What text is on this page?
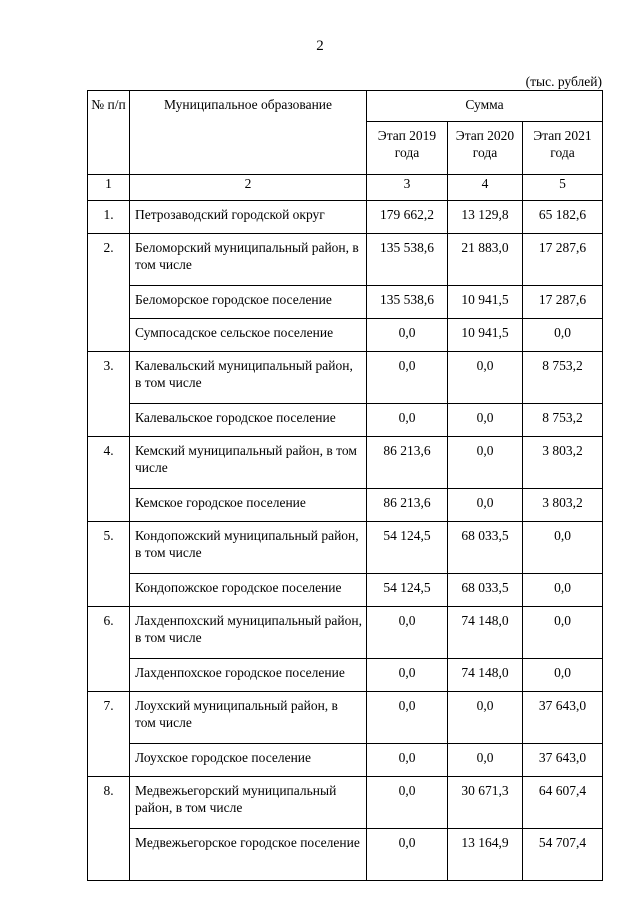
2
(тыс. рублей)
№ п/п	Муниципальное образование	Сумма		
		Этап 2019 года	Этап 2020 года	Этап 2021 года
1	2	3	4	5
1.	Петрозаводский городской округ	179 662,2	13 129,8	65 182,6
2.	Беломорский муниципальный район, в том числе	135 538,6	21 883,0	17 287,6
	Беломорское городское поселение	135 538,6	10 941,5	17 287,6
	Сумпосадское сельское поселение	0,0	10 941,5	0,0
3.	Калевальский муниципальный район, в том числе	0,0	0,0	8 753,2
	Калевальское городское поселение	0,0	0,0	8 753,2
4.	Кемский муниципальный район, в том числе	86 213,6	0,0	3 803,2
	Кемское городское поселение	86 213,6	0,0	3 803,2
5.	Кондопожский муниципальный район, в том числе	54 124,5	68 033,5	0,0
	Кондопожское городское поселение	54 124,5	68 033,5	0,0
6.	Лахденпохский муниципальный район, в том числе	0,0	74 148,0	0,0
	Лахденпохское городское поселение	0,0	74 148,0	0,0
7.	Лоухский муниципальный район, в том числе	0,0	0,0	37 643,0
	Лоухское городское поселение	0,0	0,0	37 643,0
8.	Медвежьегорский муниципальный район, в том числе	0,0	30 671,3	64 607,4
	Медвежьегорское городское поселение	0,0	13 164,9	54 707,4
